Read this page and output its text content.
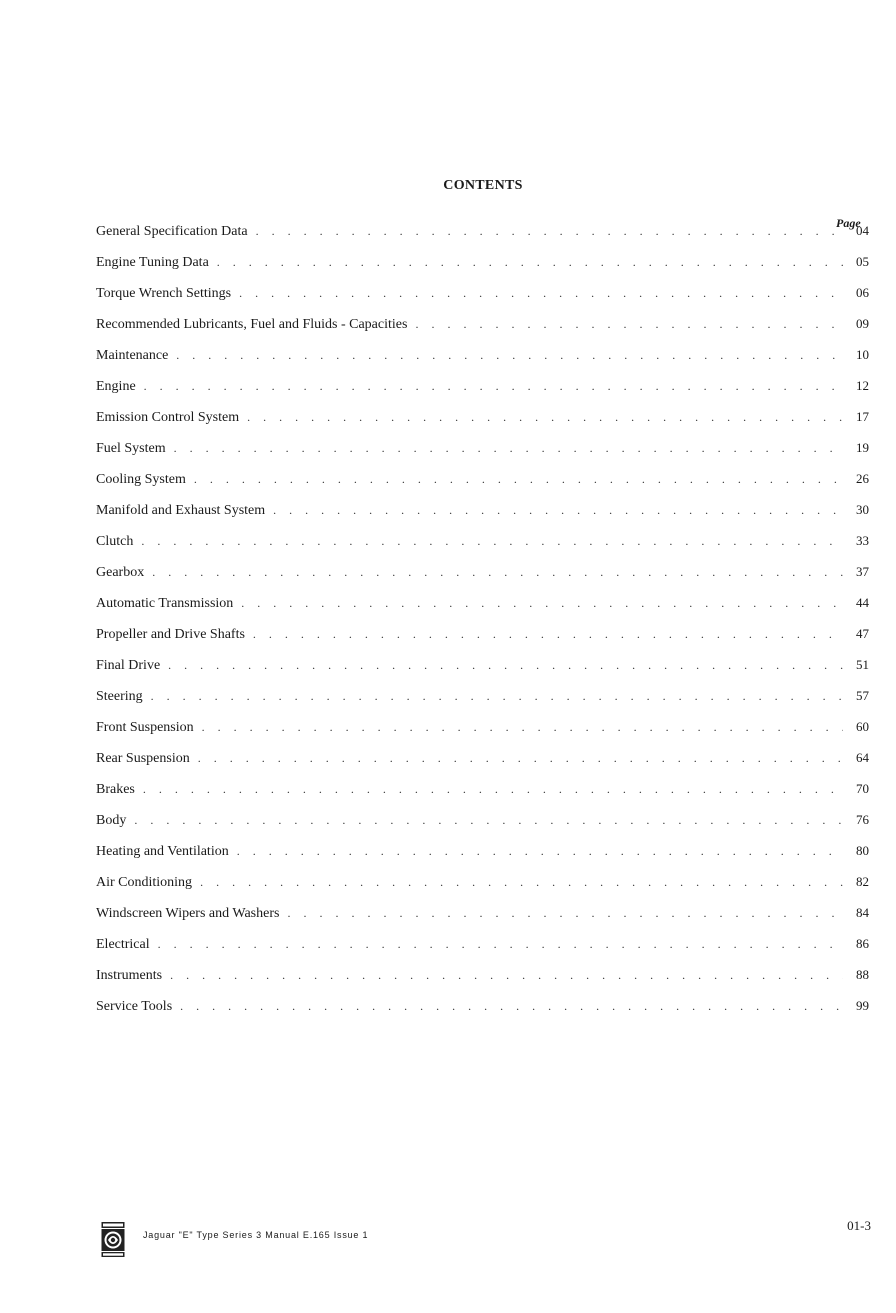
CONTENTS
Page
General Specification Data . . .	04
Engine Tuning Data . . .	05
Torque Wrench Settings . . .	06
Recommended Lubricants, Fuel and Fluids - Capacities . . .	09
Maintenance . . .	10
Engine . . .	12
Emission Control System . . .	17
Fuel System . . .	19
Cooling System . . .	26
Manifold and Exhaust System . . .	30
Clutch . . .	33
Gearbox . . .	37
Automatic Transmission . . .	44
Propeller and Drive Shafts . . .	47
Final Drive . . .	51
Steering . . .	57
Front Suspension . . .	60
Rear Suspension . . .	64
Brakes . . .	70
Body . . .	76
Heating and Ventilation . . .	80
Air Conditioning . . .	82
Windscreen Wipers and Washers . . .	84
Electrical . . .	86
Instruments . . .	88
Service Tools . . .	99
Jaguar "E" Type Series 3 Manual E.165 Issue 1
01-3
